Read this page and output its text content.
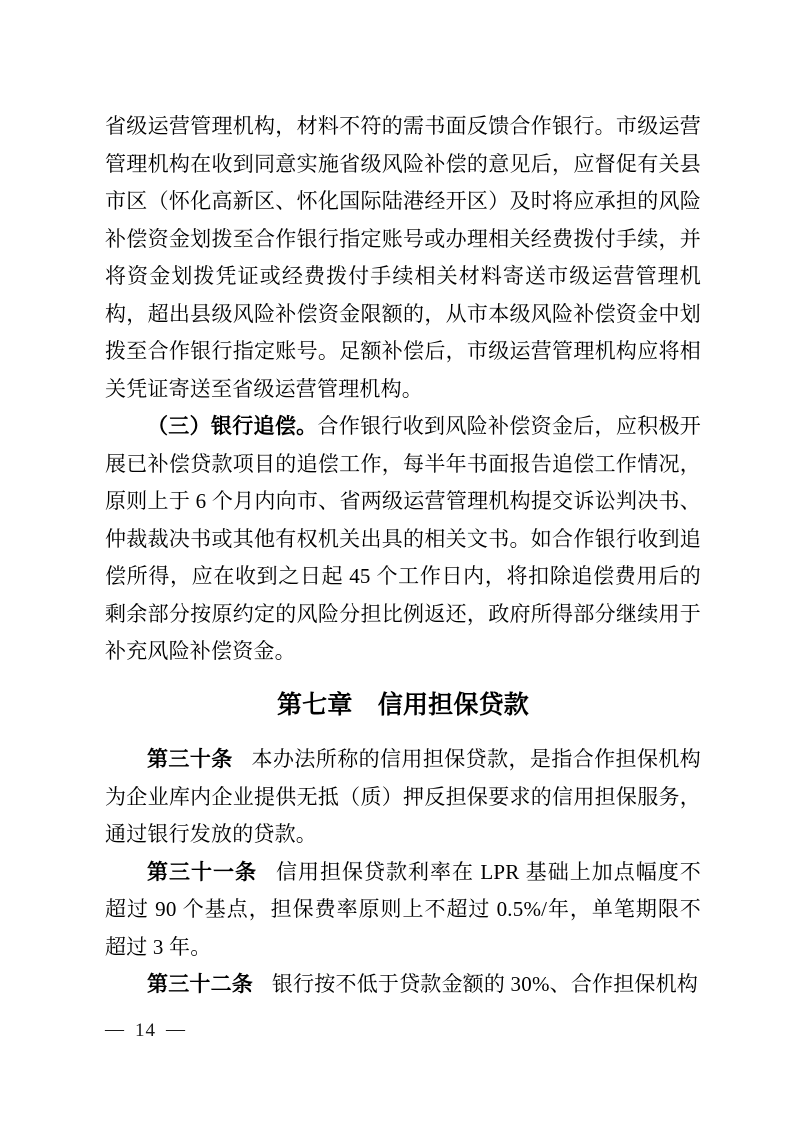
省级运营管理机构，材料不符的需书面反馈合作银行。市级运营管理机构在收到同意实施省级风险补偿的意见后，应督促有关县市区（怀化高新区、怀化国际陆港经开区）及时将应承担的风险补偿资金划拨至合作银行指定账号或办理相关经费拨付手续，并将资金划拨凭证或经费拨付手续相关材料寄送市级运营管理机构，超出县级风险补偿资金限额的，从市本级风险补偿资金中划拨至合作银行指定账号。足额补偿后，市级运营管理机构应将相关凭证寄送至省级运营管理机构。

（三）银行追偿。合作银行收到风险补偿资金后，应积极开展已补偿贷款项目的追偿工作，每半年书面报告追偿工作情况，原则上于 6 个月内向市、省两级运营管理机构提交诉讼判决书、仲裁裁决书或其他有权机关出具的相关文书。如合作银行收到追偿所得，应在收到之日起 45 个工作日内，将扣除追偿费用后的剩余部分按原约定的风险分担比例返还，政府所得部分继续用于补充风险补偿资金。

第七章　信用担保贷款

第三十条 本办法所称的信用担保贷款，是指合作担保机构为企业库内企业提供无抵（质）押反担保要求的信用担保服务，通过银行发放的贷款。

第三十一条 信用担保贷款利率在 LPR 基础上加点幅度不超过 90 个基点，担保费率原则上不超过 0.5%/年，单笔期限不超过 3 年。

第三十二条 银行按不低于贷款金额的 30%、合作担保机构

— 14 —
